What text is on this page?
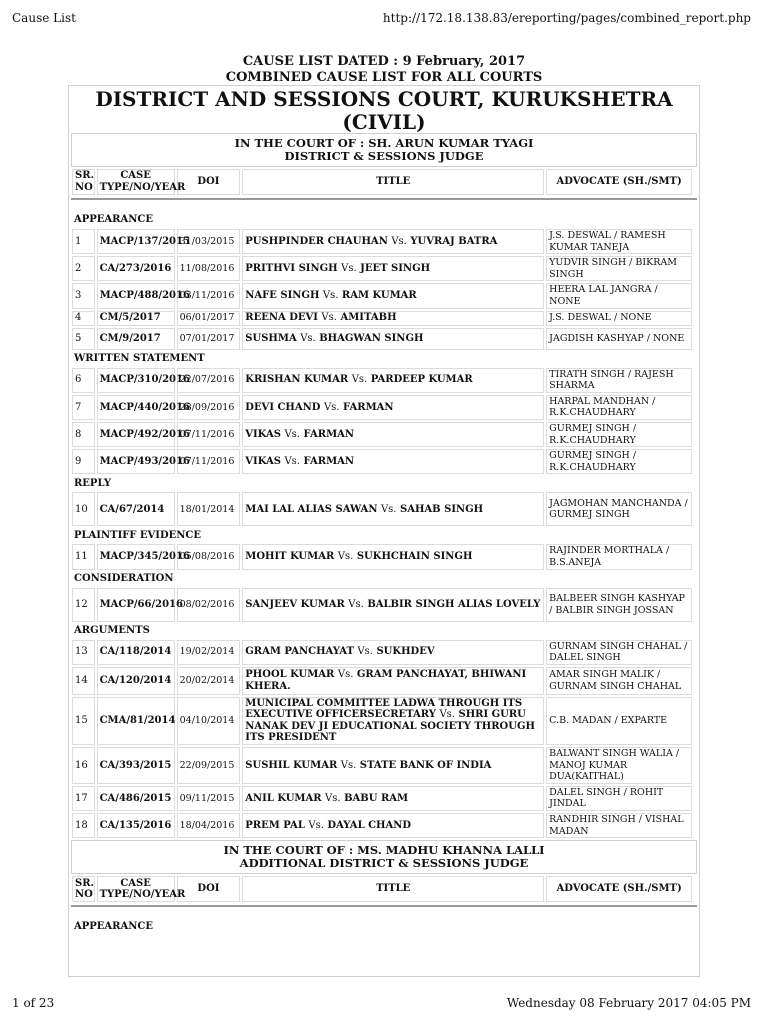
Cause List	http://172.18.138.83/ereporting/pages/combined_report.php
CAUSE LIST DATED : 9 February, 2017
COMBINED CAUSE LIST FOR ALL COURTS
DISTRICT AND SESSIONS COURT, KURUKSHETRA
(CIVIL)
IN THE COURT OF : SH. ARUN KUMAR TYAGI
DISTRICT & SESSIONS JUDGE
SR. NO	CASE TYPE/NO/YEAR	DOI	TITLE	ADVOCATE (SH./SMT)

APPEARANCE				
1	MACP/137/2015	31/03/2015	PUSHPINDER CHAUHAN Vs. YUVRAJ BATRA	J.S. DESWAL / RAMESH KUMAR TANEJA
2	CA/273/2016	11/08/2016	PRITHVI SINGH Vs. JEET SINGH	YUDVIR SINGH / BIKRAM SINGH
3	MACP/488/2016	03/11/2016	NAFE SINGH Vs. RAM KUMAR	HEERA LAL JANGRA / NONE
4	CM/5/2017	06/01/2017	REENA DEVI Vs. AMITABH	J.S. DESWAL / NONE
5	CM/9/2017	07/01/2017	SUSHMA Vs. BHAGWAN SINGH	JAGDISH KASHYAP / NONE
WRITTEN STATEMENT				
6	MACP/310/2016	22/07/2016	KRISHAN KUMAR Vs. PARDEEP KUMAR	TIRATH SINGH / RAJESH SHARMA
7	MACP/440/2016	28/09/2016	DEVI CHAND Vs. FARMAN	HARPAL MANDHAN / R.K.CHAUDHARY
8	MACP/492/2016	07/11/2016	VIKAS Vs. FARMAN	GURMEJ SINGH / R.K.CHAUDHARY
9	MACP/493/2016	07/11/2016	VIKAS Vs. FARMAN	GURMEJ SINGH / R.K.CHAUDHARY
REPLY				
10	CA/67/2014	18/01/2014	MAI LAL ALIAS SAWAN Vs. SAHAB SINGH	JAGMOHAN MANCHANDA / GURMEJ SINGH
PLAINTIFF EVIDENCE				
11	MACP/345/2016	05/08/2016	MOHIT KUMAR Vs. SUKHCHAIN SINGH	RAJINDER MORTHALA / B.S.ANEJA
CONSIDERATION				
12	MACP/66/2016	08/02/2016	SANJEEV KUMAR Vs. BALBIR SINGH ALIAS LOVELY	BALBEER SINGH KASHYAP / BALBIR SINGH JOSSAN
ARGUMENTS				
13	CA/118/2014	19/02/2014	GRAM PANCHAYAT Vs. SUKHDEV	GURNAM SINGH CHAHAL / DALEL SINGH
14	CA/120/2014	20/02/2014	PHOOL KUMAR Vs. GRAM PANCHAYAT, BHIWANI KHERA.	AMAR SINGH MALIK / GURNAM SINGH CHAHAL
15	CMA/81/2014	04/10/2014	MUNICIPAL COMMITTEE LADWA THROUGH ITS EXECUTIVE OFFICERSECRETARY Vs. SHRI GURU NANAK DEV JI EDUCATIONAL SOCIETY THROUGH ITS PRESIDENT	C.B. MADAN / EXPARTE
16	CA/393/2015	22/09/2015	SUSHIL KUMAR Vs. STATE BANK OF INDIA	BALWANT SINGH WALIA / MANOJ KUMAR DUA(KAITHAL)
17	CA/486/2015	09/11/2015	ANIL KUMAR Vs. BABU RAM	DALEL SINGH / ROHIT JINDAL
18	CA/135/2016	18/04/2016	PREM PAL Vs. DAYAL CHAND	RANDHIR SINGH / VISHAL MADAN
IN THE COURT OF : MS. MADHU KHANNA LALLI
ADDITIONAL DISTRICT & SESSIONS JUDGE
SR. NO	CASE TYPE/NO/YEAR	DOI	TITLE	ADVOCATE (SH./SMT)

APPEARANCE
1 of 23	Wednesday 08 February 2017 04:05 PM
